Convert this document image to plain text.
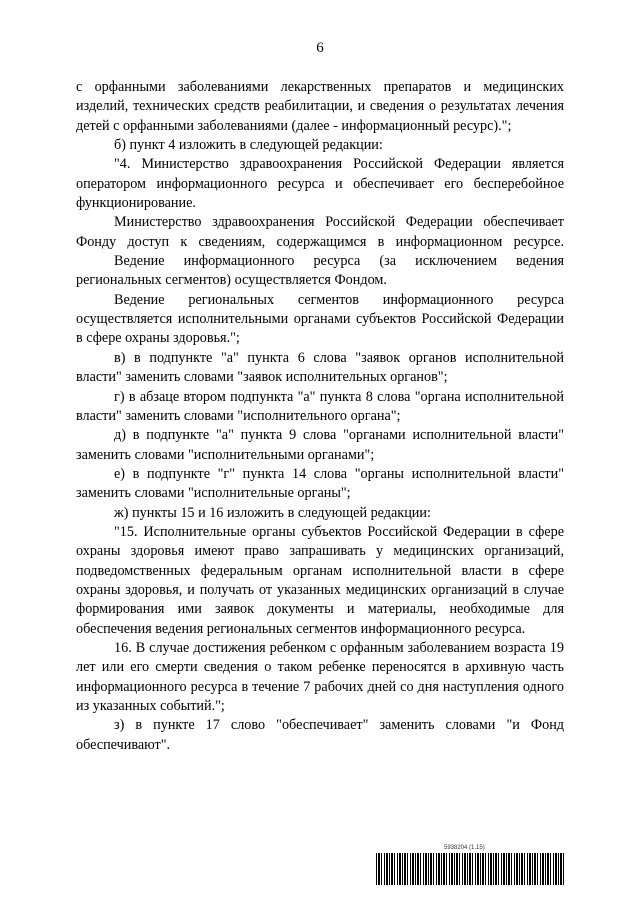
6

с орфанными заболеваниями лекарственных препаратов и медицинских изделий, технических средств реабилитации, и сведения о результатах лечения детей с орфанными заболеваниями (далее - информационный ресурс).";

б) пункт 4 изложить в следующей редакции:

"4. Министерство здравоохранения Российской Федерации является оператором информационного ресурса и обеспечивает его бесперебойное функционирование.

Министерство здравоохранения Российской Федерации обеспечивает Фонду доступ к сведениям, содержащимся в информационном ресурсе.

Ведение информационного ресурса (за исключением ведения региональных сегментов) осуществляется Фондом.

Ведение региональных сегментов информационного ресурса осуществляется исполнительными органами субъектов Российской Федерации в сфере охраны здоровья.";

в) в подпункте "а" пункта 6 слова "заявок органов исполнительной власти" заменить словами "заявок исполнительных органов";

г) в абзаце втором подпункта "а" пункта 8 слова "органа исполнительной власти" заменить словами "исполнительного органа";

д) в подпункте "а" пункта 9 слова "органами исполнительной власти" заменить словами "исполнительными органами";

е) в подпункте "г" пункта 14 слова "органы исполнительной власти" заменить словами "исполнительные органы";

ж) пункты 15 и 16 изложить в следующей редакции:

"15. Исполнительные органы субъектов Российской Федерации в сфере охраны здоровья имеют право запрашивать у медицинских организаций, подведомственных федеральным органам исполнительной власти в сфере охраны здоровья, и получать от указанных медицинских организаций в случае формирования ими заявок документы и материалы, необходимые для обеспечения ведения региональных сегментов информационного ресурса.

16. В случае достижения ребенком с орфанным заболеванием возраста 19 лет или его смерти сведения о таком ребенке переносятся в архивную часть информационного ресурса в течение 7 рабочих дней со дня наступления одного из указанных событий.";

з) в пункте 17 слово "обеспечивает" заменить словами "и Фонд обеспечивают".

5938204 (1.15)
